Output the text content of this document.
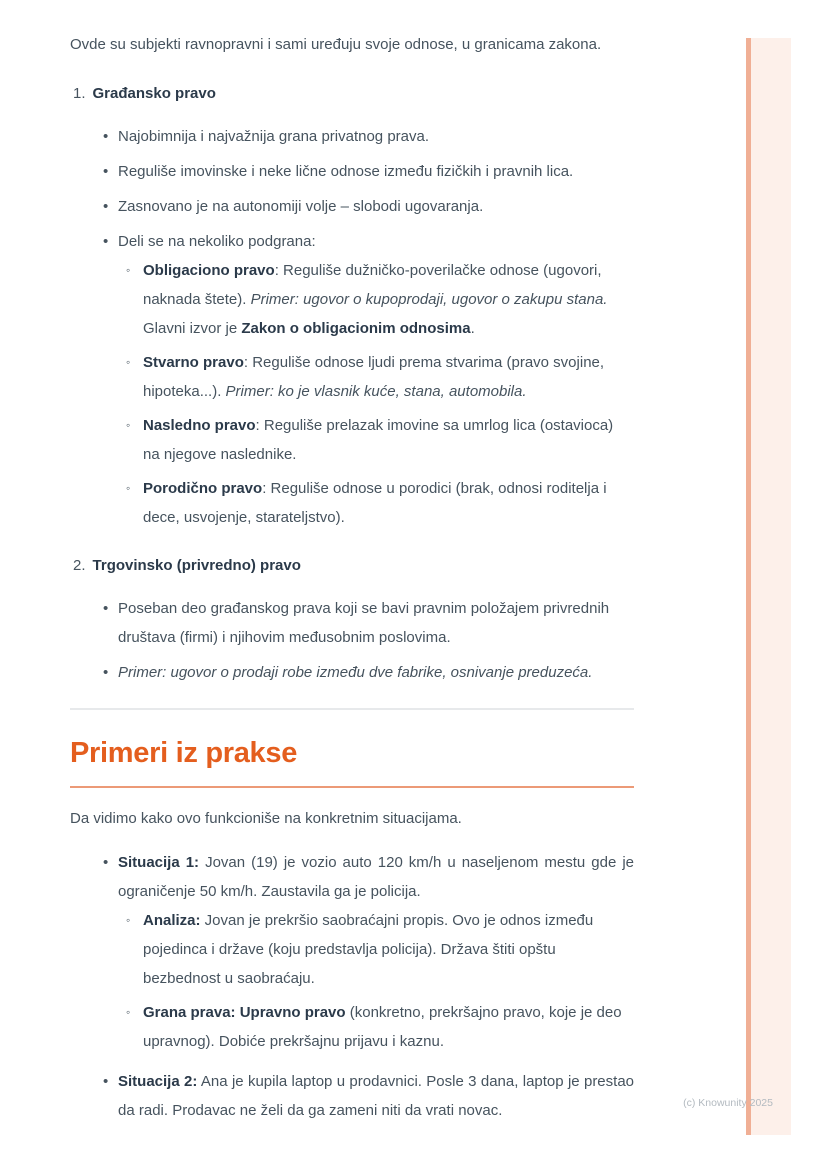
Ovde su subjekti ravnopravni i sami uređuju svoje odnose, u granicama zakona.

1. Građansko pravo
• Najobimnija i najvažnija grana privatnog prava.
• Reguliše imovinske i neke lične odnose između fizičkih i pravnih lica.
• Zasnovano je na autonomiji volje – slobodi ugovaranja.
• Deli se na nekoliko podgrana:
◦ Obligaciono pravo: Reguliše dužničko-poverilačke odnose (ugovori, naknada štete). Primer: ugovor o kupoprodaji, ugovor o zakupu stana. Glavni izvor je Zakon o obligacionim odnosima.
◦ Stvarno pravo: Reguliše odnose ljudi prema stvarima (pravo svojine, hipoteka...). Primer: ko je vlasnik kuće, stana, automobila.
◦ Nasledno pravo: Reguliše prelazak imovine sa umrlog lica (ostavioca) na njegove naslednike.
◦ Porodično pravo: Reguliše odnose u porodici (brak, odnosi roditelja i dece, usvojenje, starateljstvo).
2. Trgovinsko (privredno) pravo
• Poseban deo građanskog prava koji se bavi pravnim položajem privrednih društava (firmi) i njihovim međusobnim poslovima.
• Primer: ugovor o prodaji robe između dve fabrike, osnivanje preduzeća.
Primeri iz prakse

Da vidimo kako ovo funkcioniše na konkretnim situacijama.

• Situacija 1: Jovan (19) je vozio auto 120 km/h u naseljenom mestu gde je ograničenje 50 km/h. Zaustavila ga je policija.
◦ Analiza: Jovan je prekršio saobraćajni propis. Ovo je odnos između pojedinca i države (koju predstavlja policija). Država štiti opštu bezbednost u saobraćaju.
◦ Grana prava: Upravno pravo (konkretno, prekršajno pravo, koje je deo upravnog). Dobiće prekršajnu prijavu i kaznu.
• Situacija 2: Ana je kupila laptop u prodavnici. Posle 3 dana, laptop je prestao da radi. Prodavac ne želi da ga zameni niti da vrati novac.	(c) Knowunity 2025
